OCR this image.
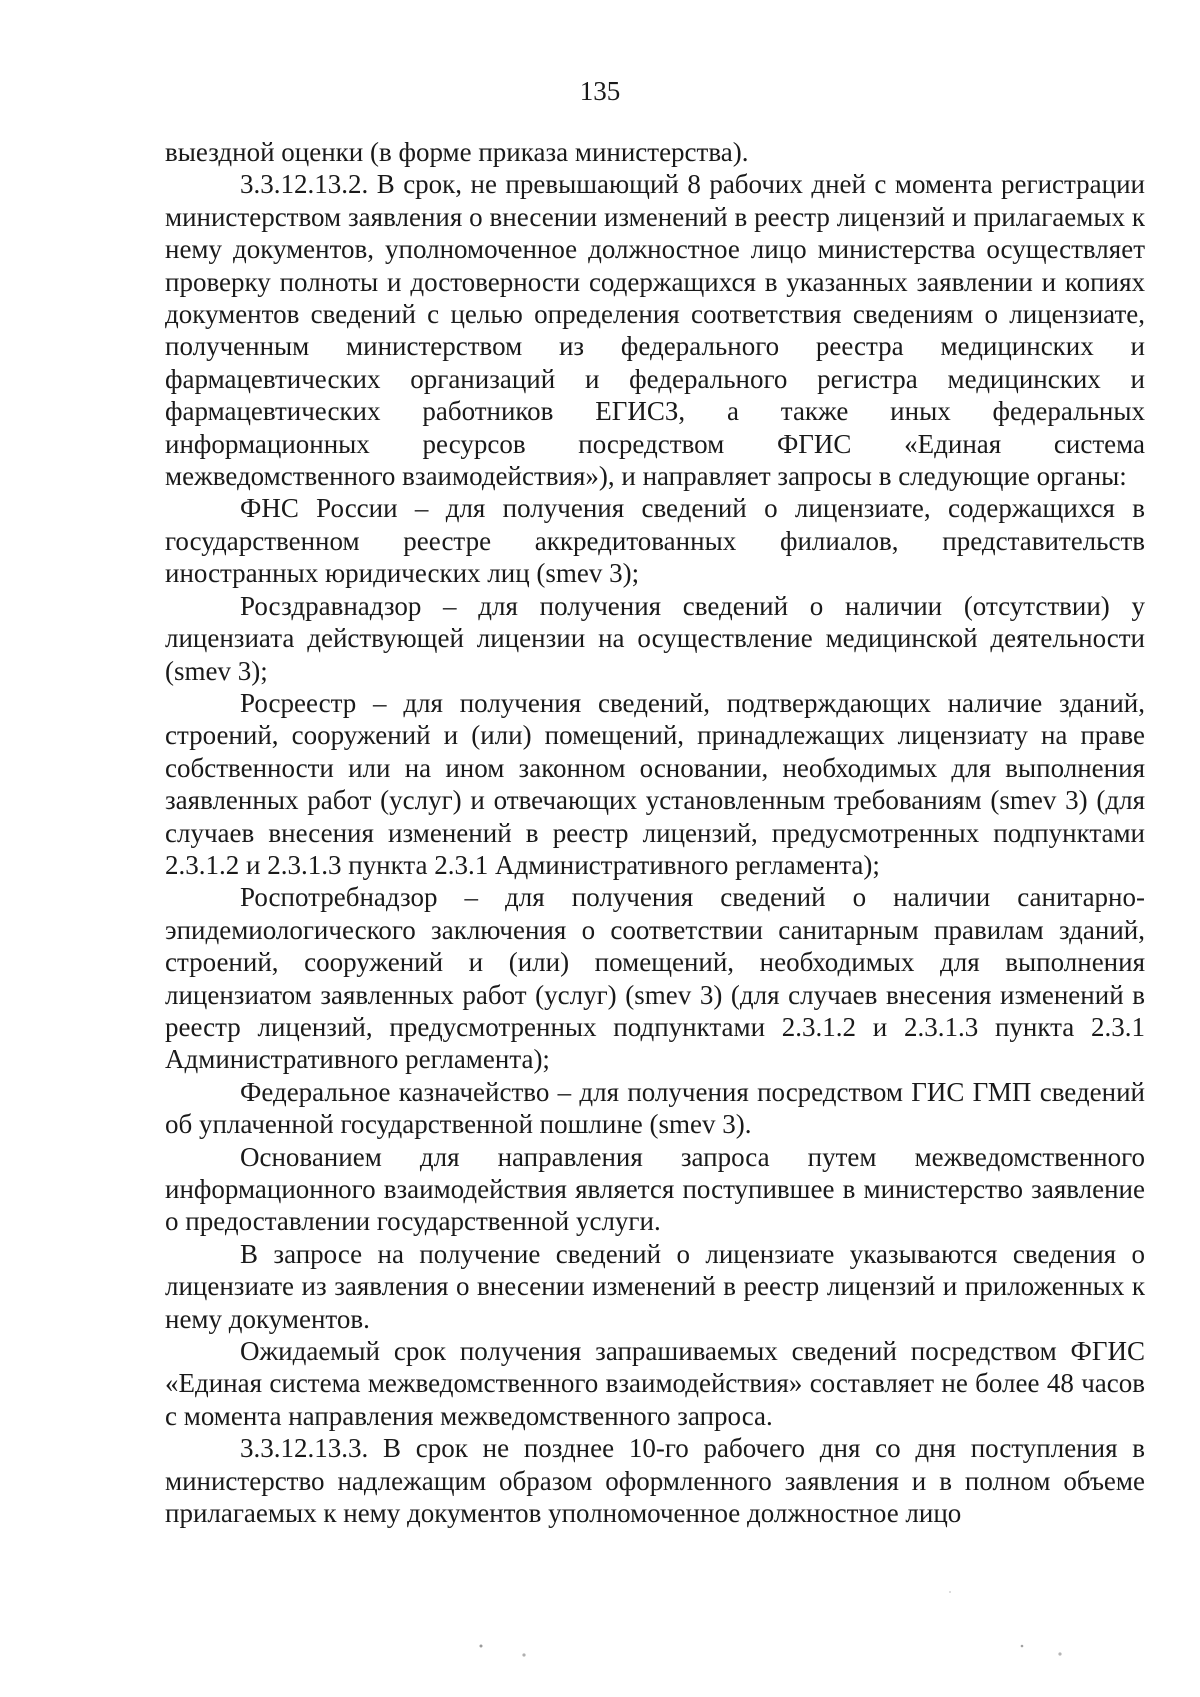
135

выездной оценки (в форме приказа министерства).

3.3.12.13.2. В срок, не превышающий 8 рабочих дней с момента регистрации министерством заявления о внесении изменений в реестр лицензий и прилагаемых к нему документов, уполномоченное должностное лицо министерства осуществляет проверку полноты и достоверности содержащихся в указанных заявлении и копиях документов сведений с целью определения соответствия сведениям о лицензиате, полученным министерством из федерального реестра медицинских и фармацевтических организаций и федерального регистра медицинских и фармацевтических работников ЕГИСЗ, а также иных федеральных информационных ресурсов посредством ФГИС «Единая система межведомственного взаимодействия»), и направляет запросы в следующие органы:

ФНС России – для получения сведений о лицензиате, содержащихся в государственном реестре аккредитованных филиалов, представительств иностранных юридических лиц (smev 3);

Росздравнадзор – для получения сведений о наличии (отсутствии) у лицензиата действующей лицензии на осуществление медицинской деятельности (smev 3);

Росреестр – для получения сведений, подтверждающих наличие зданий, строений, сооружений и (или) помещений, принадлежащих лицензиату на праве собственности или на ином законном основании, необходимых для выполнения заявленных работ (услуг) и отвечающих установленным требованиям (smev 3) (для случаев внесения изменений в реестр лицензий, предусмотренных подпунктами 2.3.1.2 и 2.3.1.3 пункта 2.3.1 Административного регламента);

Роспотребнадзор – для получения сведений о наличии санитарно-эпидемиологического заключения о соответствии санитарным правилам зданий, строений, сооружений и (или) помещений, необходимых для выполнения лицензиатом заявленных работ (услуг) (smev 3) (для случаев внесения изменений в реестр лицензий, предусмотренных подпунктами 2.3.1.2 и 2.3.1.3 пункта 2.3.1 Административного регламента);

Федеральное казначейство – для получения посредством ГИС ГМП сведений об уплаченной государственной пошлине (smev 3).

Основанием для направления запроса путем межведомственного информационного взаимодействия является поступившее в министерство заявление о предоставлении государственной услуги.

В запросе на получение сведений о лицензиате указываются сведения о лицензиате из заявления о внесении изменений в реестр лицензий и приложенных к нему документов.

Ожидаемый срок получения запрашиваемых сведений посредством ФГИС «Единая система межведомственного взаимодействия» составляет не более 48 часов с момента направления межведомственного запроса.

3.3.12.13.3. В срок не позднее 10-го рабочего дня со дня поступления в министерство надлежащим образом оформленного заявления и в полном объеме прилагаемых к нему документов уполномоченное должностное лицо
